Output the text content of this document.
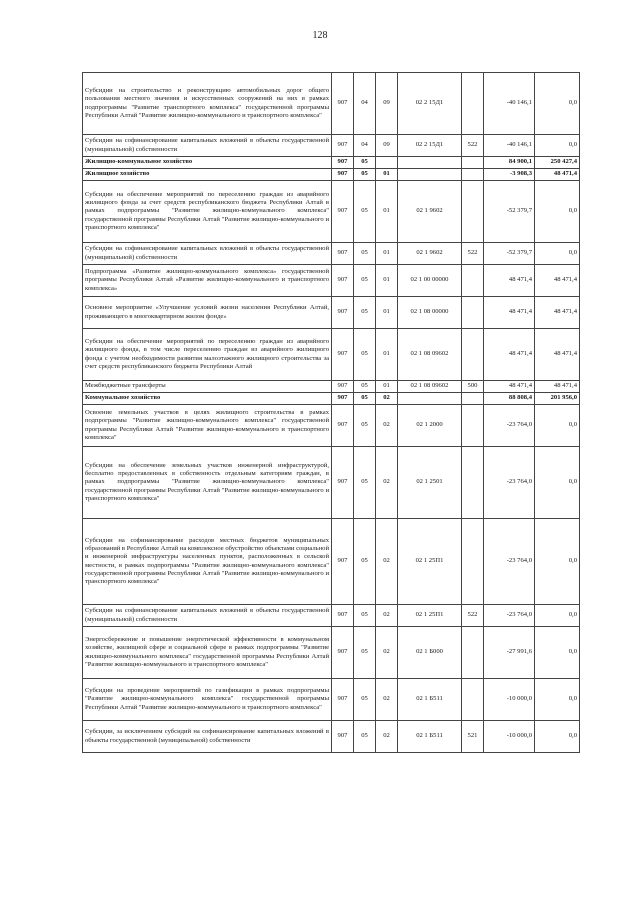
128
Субсидии на строительство и реконструкцию автомобильных дорог общего пользования местного значения и искусственных сооружений на них в рамках подпрограммы "Развитие транспортного комплекса" государственной программы Республики Алтай "Развитие жилищно-коммунального и транспортного комплекса"	907	04	09	02 2 15Д1		-40 146,1	0,0
Субсидии на софинансирование капитальных вложений в объекты государственной (муниципальной) собственности	907	04	09	02 2 15Д1	522	-40 146,1	0,0
Жилищно-коммунальное хозяйство	907	05				84 900,1	250 427,4
Жилищное хозяйство	907	05	01			-3 908,3	48 471,4
Субсидии на обеспечение мероприятий по переселению граждан из аварийного жилищного фонда за счет средств республиканского бюджета Республики Алтай в рамках подпрограммы "Развитие жилищно-коммунального комплекса" государственной программы Республики Алтай "Развитие жилищно-коммунального и транспортного комплекса"	907	05	01	02 1 9602		-52 379,7	0,0
Субсидии на софинансирование капитальных вложений в объекты государственной (муниципальной) собственности	907	05	01	02 1 9602	522	-52 379,7	0,0
Подпрограмма «Развитие жилищно-коммунального комплекса» государственной программы Республики Алтай «Развитие жилищно-коммунального и транспортного комплекса»	907	05	01	02 1 00 00000		48 471,4	48 471,4
Основное мероприятие «Улучшение условий жизни населения Республики Алтай, проживающего в многоквартирном жилом фонде»	907	05	01	02 1 08 00000		48 471,4	48 471,4
Субсидии на обеспечение мероприятий по переселению граждан из аварийного жилищного фонда, в том числе переселению граждан из аварийного жилищного фонда с учетом необходимости развития малоэтажного жилищного строительства за счет средств республиканского бюджета Республики Алтай	907	05	01	02 1 08 09602		48 471,4	48 471,4
Межбюджетные трансферты	907	05	01	02 1 08 09602	500	48 471,4	48 471,4
Коммунальное хозяйство	907	05	02			88 808,4	201 956,0
Освоение земельных участков в целях жилищного строительства в рамках подпрограммы "Развитие жилищно-коммунального комплекса" государственной программы Республики Алтай "Развитие жилищно-коммунального и транспортного комплекса"	907	05	02	02 1 2000		-23 764,0	0,0
Субсидии на обеспечение земельных участков инженерной инфраструктурой, бесплатно предоставленных в собственность отдельным категориям граждан, в рамках подпрограммы "Развитие жилищно-коммунального комплекса" государственной программы Республики Алтай "Развитие жилищно-коммунального и транспортного комплекса"	907	05	02	02 1 2501		-23 764,0	0,0
Субсидии на софинансирование расходов местных бюджетов муниципальных образований в Республике Алтай на комплексное обустройство объектами социальной и инженерной инфраструктуры населенных пунктов, расположенных в сельской местности, в рамках подпрограммы "Развитие жилищно-коммунального комплекса" государственной программы Республики Алтай "Развитие жилищно-коммунального и транспортного комплекса"	907	05	02	02 1 25П1		-23 764,0	0,0
Субсидии на софинансирование капитальных вложений в объекты государственной (муниципальной) собственности	907	05	02	02 1 25П1	522	-23 764,0	0,0
Энергосбережение и повышение энергетической эффективности в коммунальном хозяйстве, жилищной сфере и социальной сфере в рамках подпрограммы "Развитие жилищно-коммунального комплекса" государственной программы Республики Алтай "Развитие жилищно-коммунального и транспортного комплекса"	907	05	02	02 1 Б000		-27 991,6	0,0
Субсидии на проведение мероприятий по газификации в рамках подпрограммы "Развитие жилищно-коммунального комплекса" государственной программы Республики Алтай "Развитие жилищно-коммунального и транспортного комплекса"	907	05	02	02 1 Б511		-10 000,0	0,0
Субсидии, за исключением субсидий на софинансирование капитальных вложений в объекты государственной (муниципальной) собственности	907	05	02	02 1 Б511	521	-10 000,0	0,0
